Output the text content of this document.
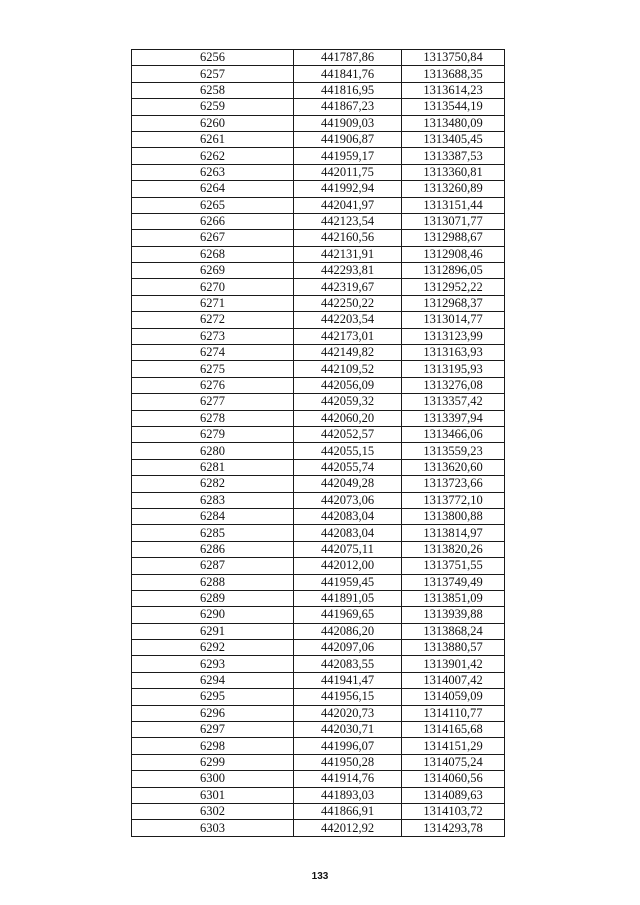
6256	441787,86	1313750,84
6257	441841,76	1313688,35
6258	441816,95	1313614,23
6259	441867,23	1313544,19
6260	441909,03	1313480,09
6261	441906,87	1313405,45
6262	441959,17	1313387,53
6263	442011,75	1313360,81
6264	441992,94	1313260,89
6265	442041,97	1313151,44
6266	442123,54	1313071,77
6267	442160,56	1312988,67
6268	442131,91	1312908,46
6269	442293,81	1312896,05
6270	442319,67	1312952,22
6271	442250,22	1312968,37
6272	442203,54	1313014,77
6273	442173,01	1313123,99
6274	442149,82	1313163,93
6275	442109,52	1313195,93
6276	442056,09	1313276,08
6277	442059,32	1313357,42
6278	442060,20	1313397,94
6279	442052,57	1313466,06
6280	442055,15	1313559,23
6281	442055,74	1313620,60
6282	442049,28	1313723,66
6283	442073,06	1313772,10
6284	442083,04	1313800,88
6285	442083,04	1313814,97
6286	442075,11	1313820,26
6287	442012,00	1313751,55
6288	441959,45	1313749,49
6289	441891,05	1313851,09
6290	441969,65	1313939,88
6291	442086,20	1313868,24
6292	442097,06	1313880,57
6293	442083,55	1313901,42
6294	441941,47	1314007,42
6295	441956,15	1314059,09
6296	442020,73	1314110,77
6297	442030,71	1314165,68
6298	441996,07	1314151,29
6299	441950,28	1314075,24
6300	441914,76	1314060,56
6301	441893,03	1314089,63
6302	441866,91	1314103,72
6303	442012,92	1314293,78
133
